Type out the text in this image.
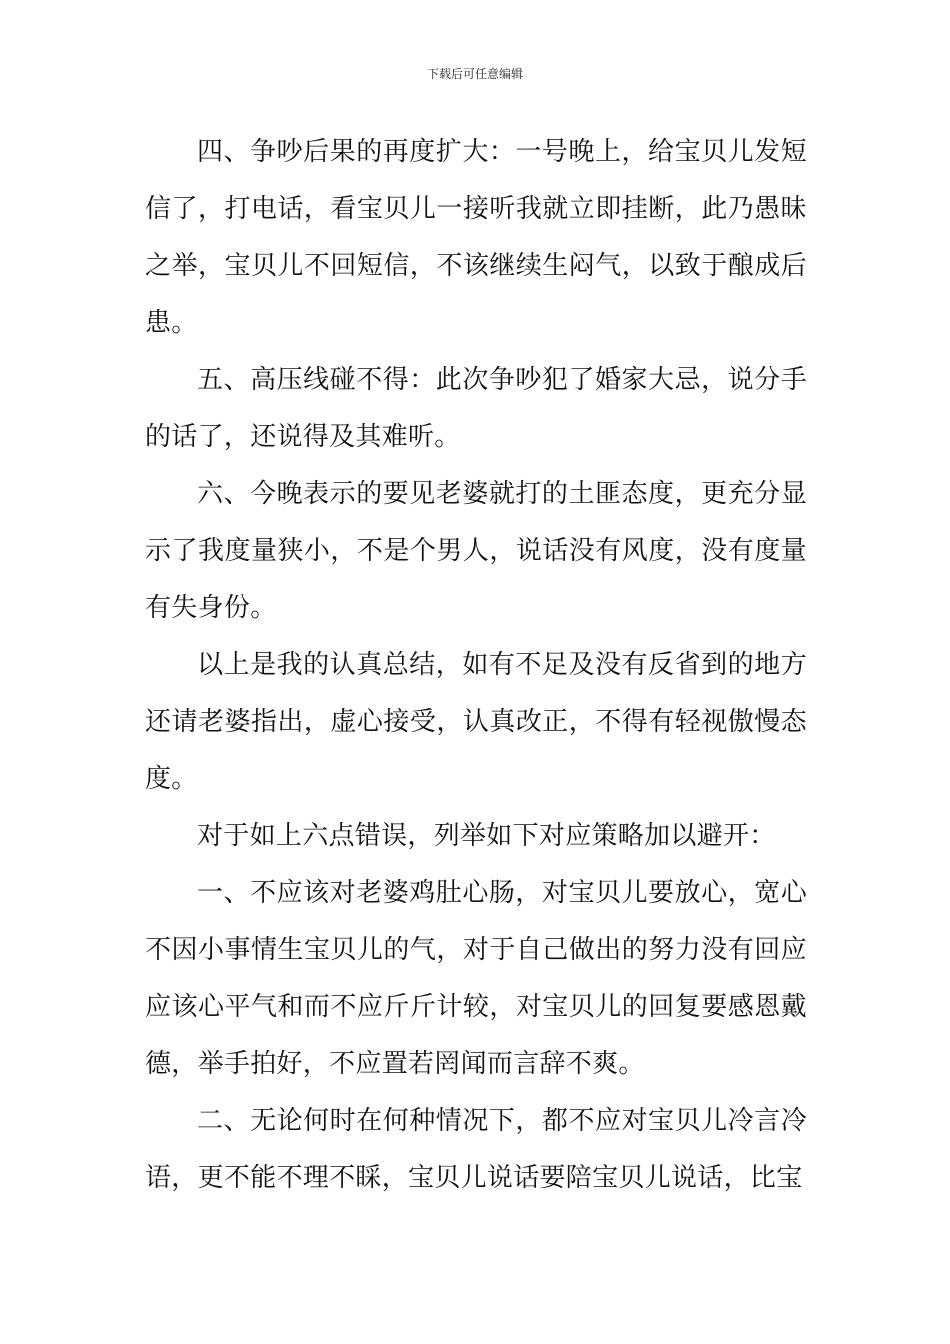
下载后可任意编辑

四、争吵后果的再度扩大：一号晚上，给宝贝儿发短信了，打电话，看宝贝儿一接听我就立即挂断，此乃愚昧之举，宝贝儿不回短信，不该继续生闷气，以致于酿成后患。

五、高压线碰不得：此次争吵犯了婚家大忌，说分手的话了，还说得及其难听。

六、今晚表示的要见老婆就打的土匪态度，更充分显示了我度量狭小，不是个男人，说话没有风度，没有度量有失身份。

以上是我的认真总结，如有不足及没有反省到的地方还请老婆指出，虚心接受，认真改正，不得有轻视傲慢态度。

对于如上六点错误，列举如下对应策略加以避开：

一、不应该对老婆鸡肚心肠，对宝贝儿要放心，宽心不因小事情生宝贝儿的气，对于自己做出的努力没有回应应该心平气和而不应斤斤计较，对宝贝儿的回复要感恩戴德，举手拍好，不应置若罔闻而言辞不爽。

二、无论何时在何种情况下，都不应对宝贝儿冷言冷语，更不能不理不睬，宝贝儿说话要陪宝贝儿说话，比宝
